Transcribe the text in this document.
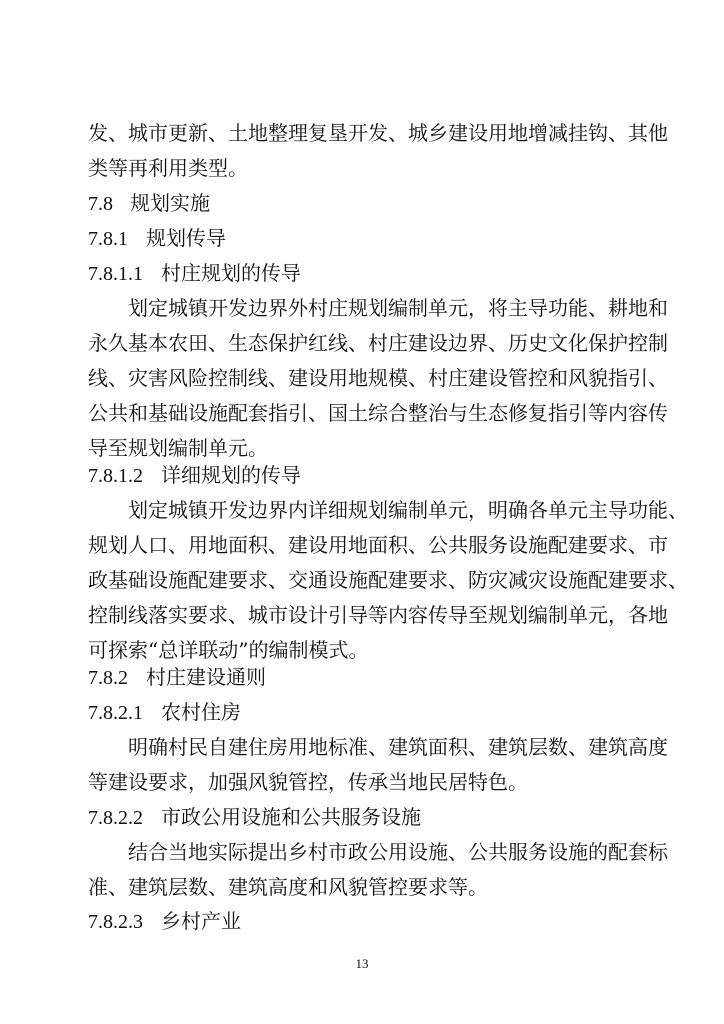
发、城市更新、土地整理复垦开发、城乡建设用地增减挂钩、其他
类等再利用类型。
7.8 规划实施
7.8.1 规划传导
7.8.1.1 村庄规划的传导
划定城镇开发边界外村庄规划编制单元，将主导功能、耕地和
永久基本农田、生态保护红线、村庄建设边界、历史文化保护控制
线、灾害风险控制线、建设用地规模、村庄建设管控和风貌指引、
公共和基础设施配套指引、国土综合整治与生态修复指引等内容传
导至规划编制单元。
7.8.1.2 详细规划的传导
划定城镇开发边界内详细规划编制单元，明确各单元主导功能、
规划人口、用地面积、建设用地面积、公共服务设施配建要求、市
政基础设施配建要求、交通设施配建要求、防灾减灾设施配建要求、
控制线落实要求、城市设计引导等内容传导至规划编制单元，各地
可探索“总详联动”的编制模式。
7.8.2 村庄建设通则
7.8.2.1 农村住房
明确村民自建住房用地标准、建筑面积、建筑层数、建筑高度
等建设要求，加强风貌管控，传承当地民居特色。
7.8.2.2 市政公用设施和公共服务设施
结合当地实际提出乡村市政公用设施、公共服务设施的配套标
准、建筑层数、建筑高度和风貌管控要求等。
7.8.2.3 乡村产业
13
